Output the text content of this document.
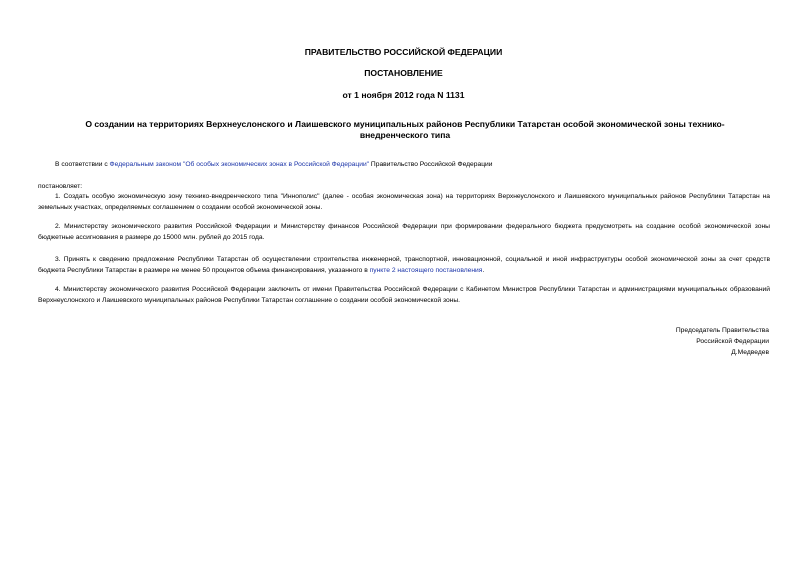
ПРАВИТЕЛЬСТВО РОССИЙСКОЙ ФЕДЕРАЦИИ

ПОСТАНОВЛЕНИЕ

от 1 ноября 2012 года N 1131

О создании на территориях Верхнеуслонского и Лаишевского муниципальных районов Республики Татарстан особой экономической зоны технико-внедренческого типа

В соответствии с Федеральным законом "Об особых экономических зонах в Российской Федерации" Правительство Российской Федерации

постановляет:

1. Создать особую экономическую зону технико-внедренческого типа "Иннополис" (далее - особая экономическая зона) на территориях Верхнеуслонского и Лаишевского муниципальных районов Республики Татарстан на земельных участках, определяемых соглашением о создании особой экономической зоны.

2. Министерству экономического развития Российской Федерации и Министерству финансов Российской Федерации при формировании федерального бюджета предусмотреть на создание особой экономической зоны бюджетные ассигнования в размере до 15000 млн. рублей до 2015 года.

3. Принять к сведению предложение Республики Татарстан об осуществлении строительства инженерной, транспортной, инновационной, социальной и иной инфраструктуры особой экономической зоны за счет средств бюджета Республики Татарстан в размере не менее 50 процентов объема финансирования, указанного в пункте 2 настоящего постановления.

4. Министерству экономического развития Российской Федерации заключить от имени Правительства Российской Федерации с Кабинетом Министров Республики Татарстан и администрациями муниципальных образований Верхнеуслонского и Лаишевского муниципальных районов Республики Татарстан соглашение о создании особой экономической зоны.

Председатель Правительства
Российской Федерации
Д.Медведев
